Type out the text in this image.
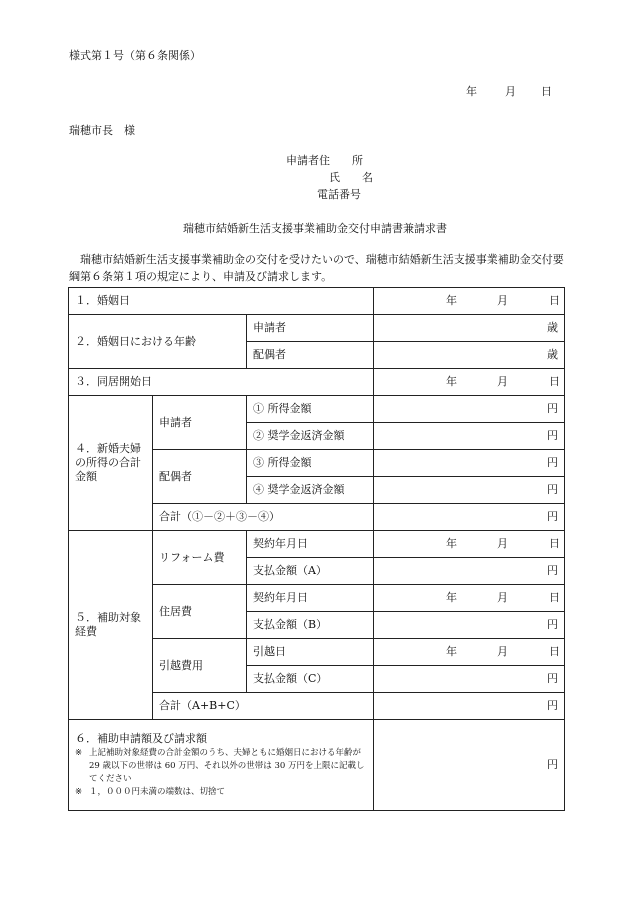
様式第１号（第６条関係）
年	月 日
瑞穂市長　様
申請者住　　所
氏　　名
電話番号
瑞穂市結婚新生活支援事業補助金交付申請書兼請求書
　瑞穂市結婚新生活支援事業補助金の交付を受けたいので、瑞穂市結婚新生活支援事業補助金交付要綱第６条第１項の規定により、申請及び請求します。
１．婚姻日			年 月 日

２．婚姻日における年齢		申請者	歳

		配偶者	歳

３．同居開始日			年 月 日

４．新婚夫婦の所得の合計金額	申請者	① 所得金額	円

		② 奨学金返済金額	円

	配偶者	③ 所得金額	円

		④ 奨学金返済金額	円

	合計（①－②＋③－④）		円

５．補助対象経費	リフォーム費	契約年月日	年 月 日

		支払金額（A）	円

	住居費	契約年月日	年 月 日

		支払金額（B）	円

	引越費用	引越日	年 月 日

		支払金額（C）	円

	合計（A+B+C）		円

６．補助申請額及び請求額
※ 上記補助対象経費の合計金額のうち、夫婦ともに婚姻日における年齢が 29 歳以下の世帯は 60 万円、それ以外の世帯は 30 万円を上限に記載してください
※ １，０００円未満の端数は、切捨て			円
